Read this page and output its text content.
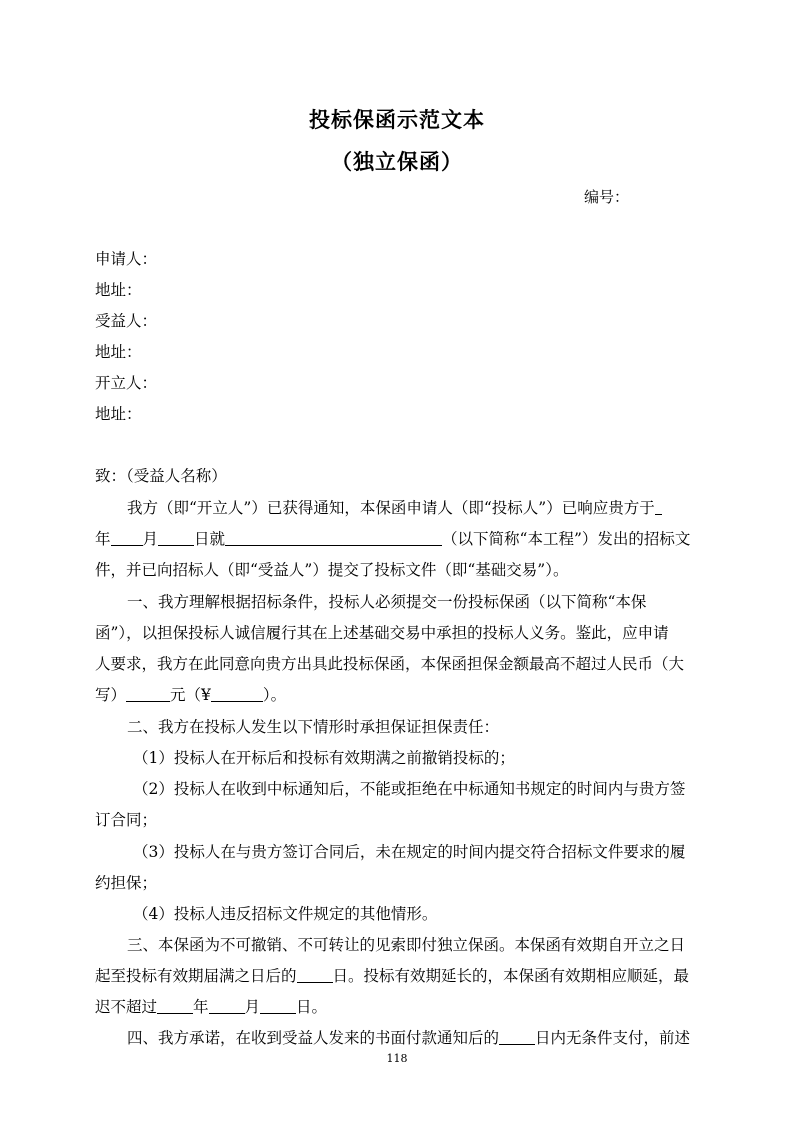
投标保函示范文本
（独立保函）
编号：
申请人：
地址：
受益人：
地址：
开立人：
地址：
致：（受益人名称）
我方（即“开立人”）已获得通知，本保函申请人（即“投标人”）已响应贵方于
年 月 日就	（以下简称“本工程”）发出的招标文
件，并已向招标人（即“受益人”）提交了投标文件（即“基础交易”）。
一、我方理解根据招标条件，投标人必须提交一份投标保函（以下简称“本保
函”），以担保投标人诚信履行其在上述基础交易中承担的投标人义务。鉴此，应申请
人要求，我方在此同意向贵方出具此投标保函，本保函担保金额最高不超过人民币（大
写）	元（¥	）。
二、我方在投标人发生以下情形时承担保证担保责任：
（1）投标人在开标后和投标有效期满之前撤销投标的；
（2）投标人在收到中标通知后，不能或拒绝在中标通知书规定的时间内与贵方签
订合同；
（3）投标人在与贵方签订合同后，未在规定的时间内提交符合招标文件要求的履
约担保；
（4）投标人违反招标文件规定的其他情形。
三、本保函为不可撤销、不可转让的见索即付独立保函。本保函有效期自开立之日
起至投标有效期届满之日后的 日。投标有效期延长的，本保函有效期相应顺延，最
迟不超过 年 月 日。
四、我方承诺，在收到受益人发来的书面付款通知后的 日内无条件支付，前述
118
